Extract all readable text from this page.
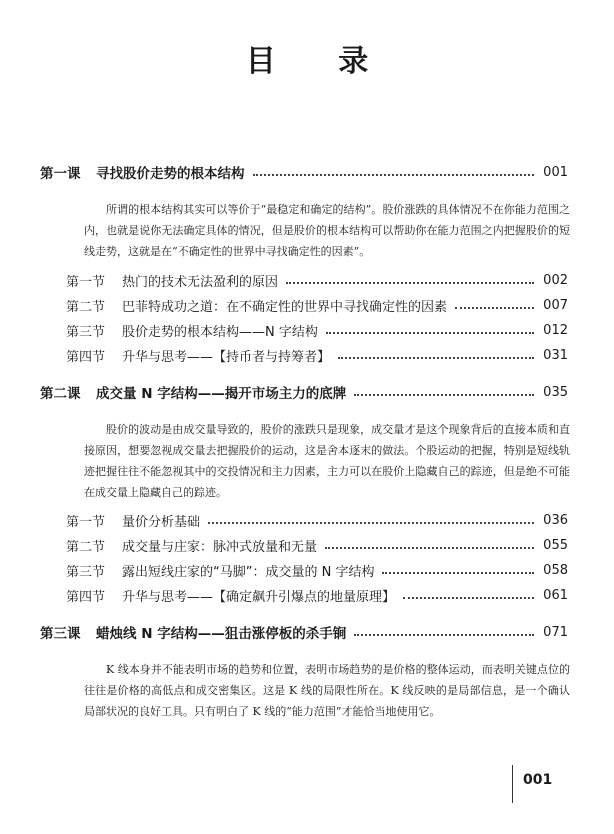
目 录
第一课	寻找股价走势的根本结构	001
所谓的根本结构其实可以等价于“最稳定和确定的结构”。股价涨跌的具体情况不在你能力范围之内，也就是说你无法确定具体的情况，但是股价的根本结构可以帮助你在能力范围之内把握股价的短线走势，这就是在“不确定性的世界中寻找确定性的因素”。
第一节	热门的技术无法盈利的原因	002
第二节	巴菲特成功之道：在不确定性的世界中寻找确定性的因素	007
第三节	股价走势的根本结构——N 字结构	012
第四节	升华与思考——【持币者与持筹者】	031
第二课	成交量 N 字结构——揭开市场主力的底牌	035
股价的波动是由成交量导致的，股价的涨跌只是现象，成交量才是这个现象背后的直接本质和直接原因，想要忽视成交量去把握股价的运动，这是舍本逐末的做法。个股运动的把握，特别是短线轨迹把握往往不能忽视其中的交投情况和主力因素，主力可以在股价上隐藏自己的踪迹，但是绝不可能在成交量上隐藏自己的踪迹。
第一节	量价分析基础	036
第二节	成交量与庄家：脉冲式放量和无量	055
第三节	露出短线庄家的“马脚”：成交量的 N 字结构	058
第四节	升华与思考——【确定飙升引爆点的地量原理】	061
第三课	蜡烛线 N 字结构——狙击涨停板的杀手锏	071
K 线本身并不能表明市场的趋势和位置，表明市场趋势的是价格的整体运动，而表明关键点位的往往是价格的高低点和成交密集区。这是 K 线的局限性所在。K 线反映的是局部信息，是一个确认局部状况的良好工具。只有明白了 K 线的“能力范围”才能恰当地使用它。
001
